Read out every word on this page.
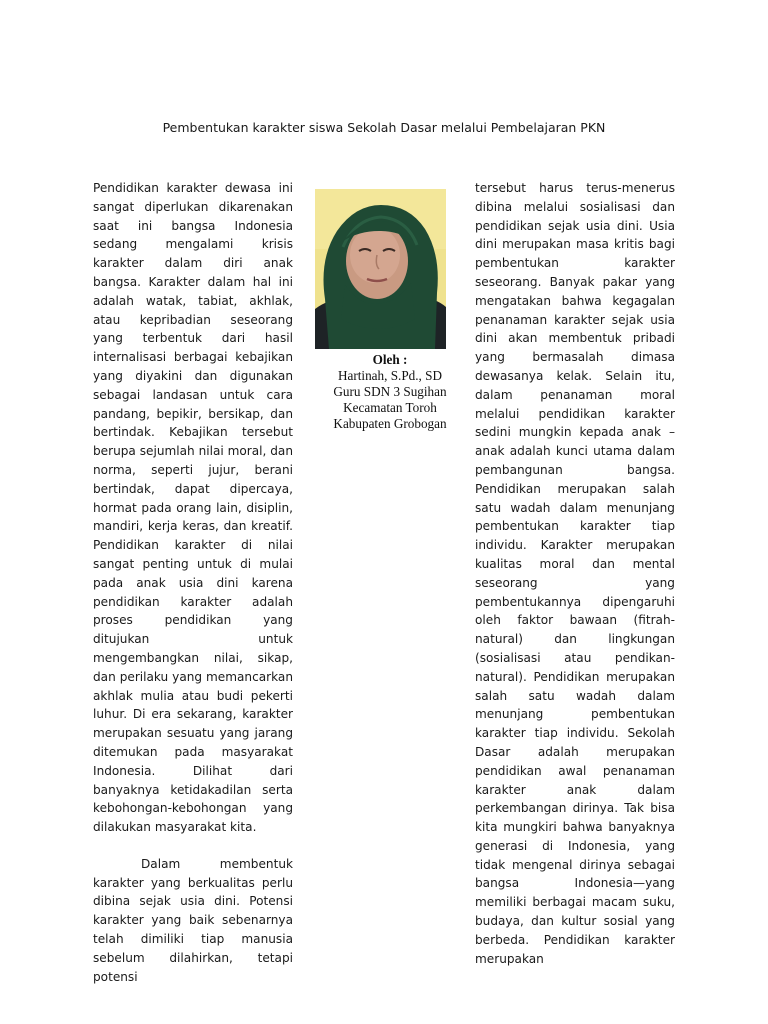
Pembentukan karakter siswa Sekolah Dasar melalui Pembelajaran PKN

Pendidikan karakter dewasa ini sangat diperlukan dikarenakan saat ini bangsa Indonesia sedang mengalami krisis karakter dalam diri anak bangsa. Karakter dalam hal ini adalah watak, tabiat, akhlak, atau kepribadian seseorang yang terbentuk dari hasil internalisasi berbagai kebajikan yang diyakini dan digunakan sebagai landasan untuk cara pandang, bepikir, bersikap, dan bertindak. Kebajikan tersebut berupa sejumlah nilai moral, dan norma, seperti jujur, berani bertindak, dapat dipercaya, hormat pada orang lain, disiplin, mandiri, kerja keras, dan kreatif. Pendidikan karakter di nilai sangat penting untuk di mulai pada anak usia dini karena pendidikan karakter adalah proses pendidikan yang ditujukan untuk mengembangkan nilai, sikap, dan perilaku yang memancarkan akhlak mulia atau budi pekerti luhur. Di era sekarang, karakter merupakan sesuatu yang jarang ditemukan pada masyarakat Indonesia. Dilihat dari banyaknya ketidakadilan serta kebohongan-kebohongan yang dilakukan masyarakat kita.

Dalam membentuk karakter yang berkualitas perlu dibina sejak usia dini. Potensi karakter yang baik sebenarnya telah dimiliki tiap manusia sebelum dilahirkan, tetapi potensi

Oleh :
Hartinah, S.Pd., SD
Guru SDN 3 Sugihan
Kecamatan Toroh
Kabupaten Grobogan

tersebut harus terus-menerus dibina melalui sosialisasi dan pendidikan sejak usia dini. Usia dini merupakan masa kritis bagi pembentukan karakter seseorang. Banyak pakar yang mengatakan bahwa kegagalan penanaman karakter sejak usia dini akan membentuk pribadi yang bermasalah dimasa dewasanya kelak. Selain itu, dalam penanaman moral melalui pendidikan karakter sedini mungkin kepada anak – anak adalah kunci utama dalam pembangunan bangsa. Pendidikan merupakan salah satu wadah dalam menunjang pembentukan karakter tiap individu. Karakter merupakan kualitas moral dan mental seseorang yang pembentukannya dipengaruhi oleh faktor bawaan (fitrah-natural) dan lingkungan (sosialisasi atau pendikan-natural). Pendidikan merupakan salah satu wadah dalam menunjang pembentukan karakter tiap individu. Sekolah Dasar adalah merupakan pendidikan awal penanaman karakter anak dalam perkembangan dirinya. Tak bisa kita mungkiri bahwa banyaknya generasi di Indonesia, yang tidak mengenal dirinya sebagai bangsa Indonesia—yang memiliki berbagai macam suku, budaya, dan kultur sosial yang berbeda. Pendidikan karakter merupakan
